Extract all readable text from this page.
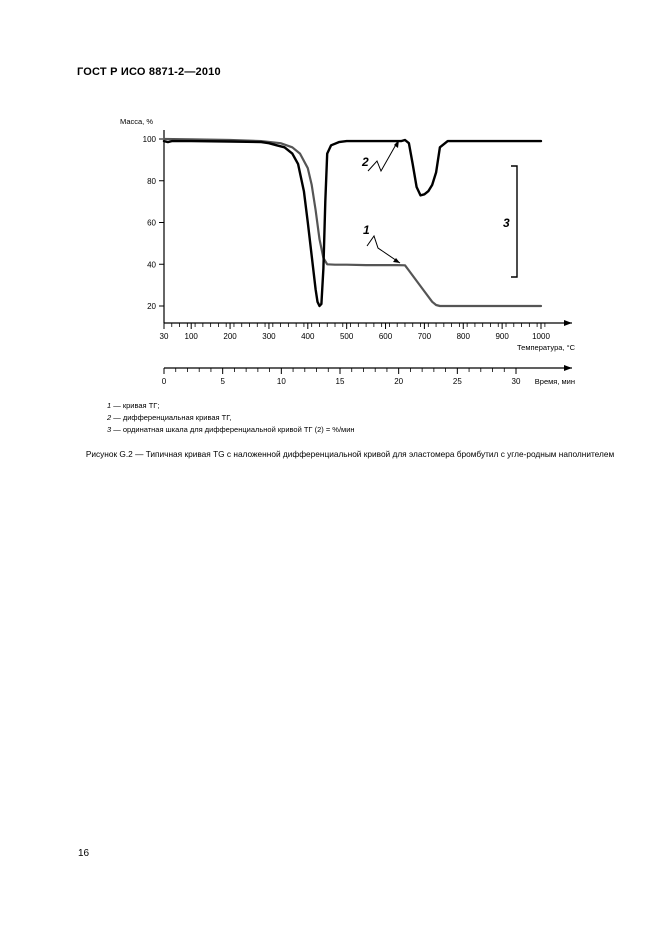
ГОСТ Р ИСО 8871-2—2010
Масса, %
20
40
60
80
100
30 100	200	300	400	500	600	700	800	900	1000
Температура, °C
0	5	10	15	20	25	30 Время, мин
1
2
3
1 — кривая ТГ;
2 — дифференциальная кривая ТГ,
3 — ординатная шкала для дифференциальной кривой ТГ (2) = %/мин
Рисунок G.2 — Типичная кривая TG с наложенной дифференциальной кривой для эластомера бромбутил с угле-родным наполнителем
16
